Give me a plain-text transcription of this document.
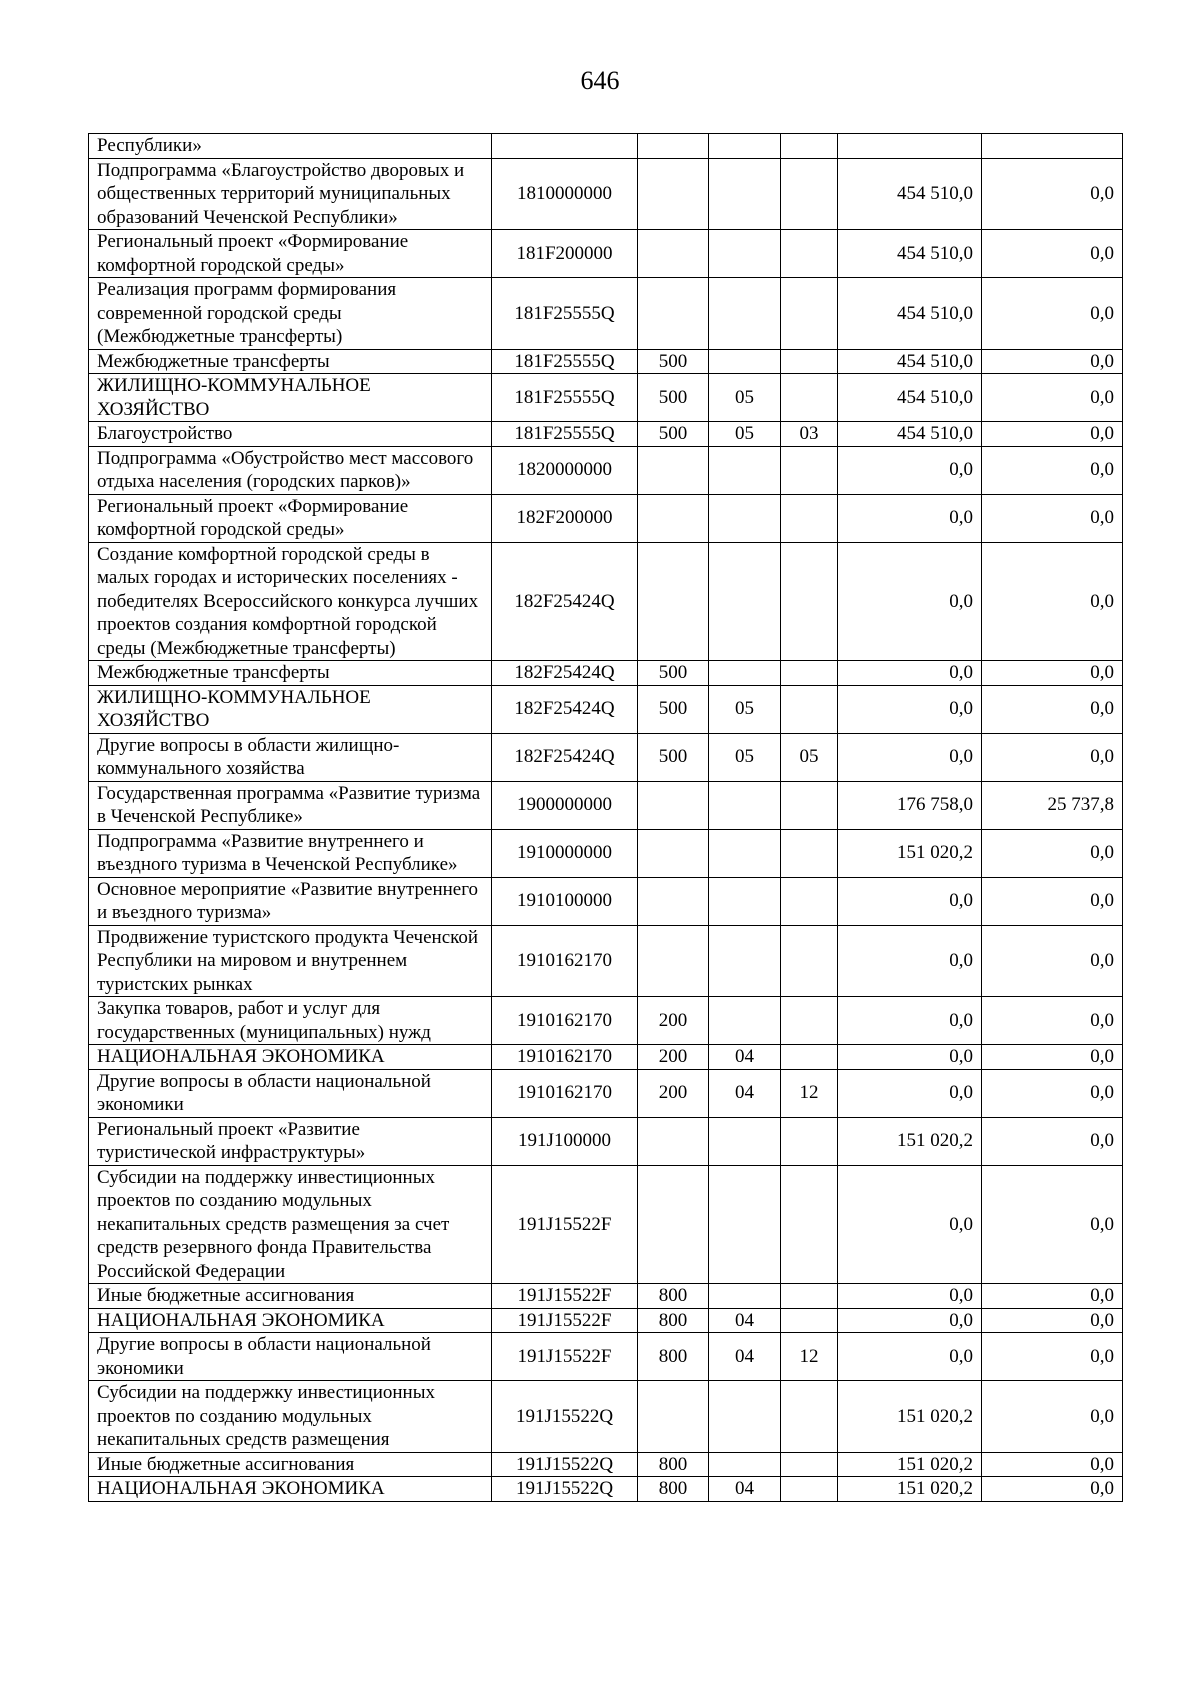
646
Республики»						
Подпрограмма «Благоустройство дворовых и общественных территорий муниципальных образований Чеченской Республики»	1810000000				454 510,0	0,0
Региональный проект «Формирование комфортной городской среды»	181F200000				454 510,0	0,0
Реализация программ формирования современной городской среды (Межбюджетные трансферты)	181F25555Q				454 510,0	0,0
Межбюджетные трансферты	181F25555Q	500			454 510,0	0,0
ЖИЛИЩНО-КОММУНАЛЬНОЕ ХОЗЯЙСТВО	181F25555Q	500	05		454 510,0	0,0
Благоустройство	181F25555Q	500	05	03	454 510,0	0,0
Подпрограмма «Обустройство мест массового отдыха населения (городских парков)»	1820000000				0,0	0,0
Региональный проект «Формирование комфортной городской среды»	182F200000				0,0	0,0
Создание комфортной городской среды в малых городах и исторических поселениях - победителях Всероссийского конкурса лучших проектов создания комфортной городской среды (Межбюджетные трансферты)	182F25424Q				0,0	0,0
Межбюджетные трансферты	182F25424Q	500			0,0	0,0
ЖИЛИЩНО-КОММУНАЛЬНОЕ ХОЗЯЙСТВО	182F25424Q	500	05		0,0	0,0
Другие вопросы в области жилищно-коммунального хозяйства	182F25424Q	500	05	05	0,0	0,0
Государственная программа «Развитие туризма в Чеченской Республике»	1900000000				176 758,0	25 737,8
Подпрограмма «Развитие внутреннего и въездного туризма в Чеченской Республике»	1910000000				151 020,2	0,0
Основное мероприятие «Развитие внутреннего и въездного туризма»	1910100000				0,0	0,0
Продвижение туристского продукта Чеченской Республики на мировом и внутреннем туристских рынках	1910162170				0,0	0,0
Закупка товаров, работ и услуг для государственных (муниципальных) нужд	1910162170	200			0,0	0,0
НАЦИОНАЛЬНАЯ ЭКОНОМИКА	1910162170	200	04		0,0	0,0
Другие вопросы в области национальной экономики	1910162170	200	04	12	0,0	0,0
Региональный проект «Развитие туристической инфраструктуры»	191J100000				151 020,2	0,0
Субсидии на поддержку инвестиционных проектов по созданию модульных некапитальных средств размещения за счет средств резервного фонда Правительства Российской Федерации	191J15522F				0,0	0,0
Иные бюджетные ассигнования	191J15522F	800			0,0	0,0
НАЦИОНАЛЬНАЯ ЭКОНОМИКА	191J15522F	800	04		0,0	0,0
Другие вопросы в области национальной экономики	191J15522F	800	04	12	0,0	0,0
Субсидии на поддержку инвестиционных проектов по созданию модульных некапитальных средств размещения	191J15522Q				151 020,2	0,0
Иные бюджетные ассигнования	191J15522Q	800			151 020,2	0,0
НАЦИОНАЛЬНАЯ ЭКОНОМИКА	191J15522Q	800	04		151 020,2	0,0
